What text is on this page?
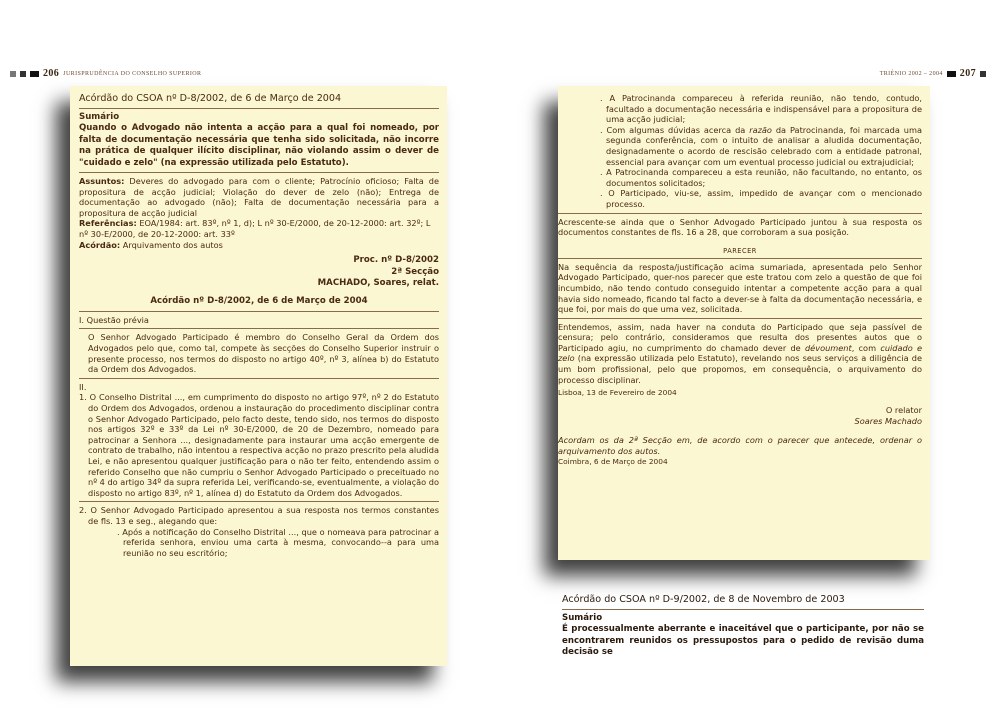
206 JURISPRUDÊNCIA DO CONSELHO SUPERIOR	TRIÉNIO 2002 – 2004 207
Acórdão do CSOA nº D-8/2002, de 6 de Março de 2004
Sumário
Quando o Advogado não intenta a acção para a qual foi nomeado, por falta de documentação necessária que tenha sido solicitada, não incorre na prática de qualquer ilícito disciplinar, não violando assim o dever de "cuidado e zelo" (na expressão utilizada pelo Estatuto).
Assuntos: Deveres do advogado para com o cliente; Patrocínio oficioso; Falta de propositura de acção judicial; Violação do dever de zelo (não); Entrega de documentação ao advogado (não); Falta de documentação necessária para a propositura de acção judicial
Referências: EOA/1984: art. 83º, nº 1, d); L nº 30-E/2000, de 20-12-2000: art. 32º; L nº 30-E/2000, de 20-12-2000: art. 33º
Acórdão: Arquivamento dos autos
Proc. nº D-8/2002
2ª Secção
MACHADO, Soares, relat.
Acórdão nº D-8/2002, de 6 de Março de 2004
I. Questão prévia
O Senhor Advogado Participado é membro do Conselho Geral da Ordem dos Advogados pelo que, como tal, compete às secções do Conselho Superior instruir o presente processo, nos termos do disposto no artigo 40º, nº 3, alínea b) do Estatuto da Ordem dos Advogados.
II.
1. O Conselho Distrital ..., em cumprimento do disposto no artigo 97º, nº 2 do Estatuto do Ordem dos Advogados, ordenou a instauração do procedimento disciplinar contra o Senhor Advogado Participado, pelo facto deste, tendo sido, nos termos do disposto nos artigos 32º e 33º da Lei nº 30-E/2000, de 20 de Dezembro, nomeado para patrocinar a Senhora ..., designadamente para instaurar uma acção emergente de contrato de trabalho, não intentou a respectiva acção no prazo prescrito pela aludida Lei, e não apresentou qualquer justificação para o não ter feito, entendendo assim o referido Conselho que não cumpriu o Senhor Advogado Participado o preceituado no nº 4 do artigo 34º da supra referida Lei, verificando-se, eventualmente, a violação do disposto no artigo 83º, nº 1, alínea d) do Estatuto da Ordem dos Advogados.
2. O Senhor Advogado Participado apresentou a sua resposta nos termos constantes de fls. 13 e seg., alegando que:
. Após a notificação do Conselho Distrital ..., que o nomeava para patrocinar a referida senhora, enviou uma carta à mesma, convocando--a para uma reunião no seu escritório;
. A Patrocinanda compareceu à referida reunião, não tendo, contudo, facultado a documentação necessária e indispensável para a propositura de uma acção judicial;
. Com algumas dúvidas acerca da razão da Patrocinanda, foi marcada uma segunda conferência, com o intuito de analisar a aludida documentação, designadamente o acordo de rescisão celebrado com a entidade patronal, essencial para avançar com um eventual processo judicial ou extrajudicial;
. A Patrocinanda compareceu a esta reunião, não facultando, no entanto, os documentos solicitados;
. O Participado, viu-se, assim, impedido de avançar com o mencionado processo.
Acrescente-se ainda que o Senhor Advogado Participado juntou à sua resposta os documentos constantes de fls. 16 a 28, que corroboram a sua posição.
PARECER
Na sequência da resposta/justificação acima sumariada, apresentada pelo Senhor Advogado Participado, quer-nos parecer que este tratou com zelo a questão de que foi incumbido, não tendo contudo conseguido intentar a competente acção para a qual havia sido nomeado, ficando tal facto a dever-se à falta da documentação necessária, e que foi, por mais do que uma vez, solicitada.
Entendemos, assim, nada haver na conduta do Participado que seja passível de censura; pelo contrário, consideramos que resulta dos presentes autos que o Participado agiu, no cumprimento do chamado dever de dévoument, com cuidado e zelo (na expressão utilizada pelo Estatuto), revelando nos seus serviços a diligência de um bom profissional, pelo que propomos, em consequência, o arquivamento do processo disciplinar.
Lisboa, 13 de Fevereiro de 2004
O relator
Soares Machado
Acordam os da 2ª Secção em, de acordo com o parecer que antecede, ordenar o arquivamento dos autos.
Coimbra, 6 de Março de 2004
Acórdão do CSOA nº D-9/2002, de 8 de Novembro de 2003
Sumário
É processualmente aberrante e inaceitável que o participante, por não se encontrarem reunidos os pressupostos para o pedido de revisão duma decisão se
